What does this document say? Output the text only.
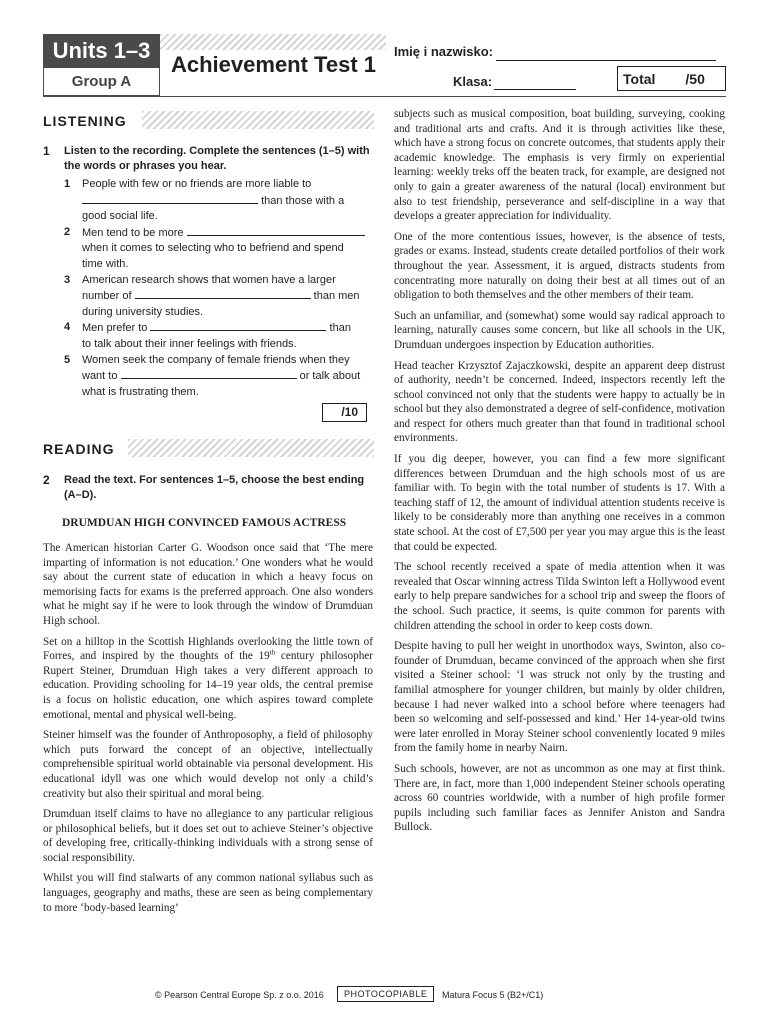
Units 1–3
Group A
Achievement Test 1
Imię i nazwisko:
Klasa:	Total /50
LISTENING
1 Listen to the recording. Complete the sentences (1–5) with the words or phrases you hear.
1 People with few or no friends are more liable to
than those with a
good social life.
2 Men tend to be more
when it comes to selecting who to befriend and spend
time with.
3 American research shows that women have a larger
number of	than men
during university studies.
4 Men prefer to	than
to talk about their inner feelings with friends.
5 Women seek the company of female friends when they
want to	or talk about
what is frustrating them.
/10
READING
2 Read the text. For sentences 1–5, choose the best ending (A–D).
DRUMDUAN HIGH CONVINCED FAMOUS ACTRESS

The American historian Carter G. Woodson once said that ‘The mere imparting of information is not education.’ One wonders what he would say about the current state of education in which a heavy focus on memorising facts for exams is the preferred approach. One also wonders what he might say if he were to look through the window of Drumduan High school.

Set on a hilltop in the Scottish Highlands overlooking the little town of Forres, and inspired by the thoughts of the 19th century philosopher Rupert Steiner, Drumduan High takes a very different approach to education. Providing schooling for 14–19 year olds, the central premise is a focus on holistic education, one which aspires toward complete emotional, mental and physical well-being.

Steiner himself was the founder of Anthroposophy, a field of philosophy which puts forward the concept of an objective, intellectually comprehensible spiritual world obtainable via personal development. His educational idyll was one which would develop not only a child’s creativity but also their spiritual and moral being.

Drumduan itself claims to have no allegiance to any particular religious or philosophical beliefs, but it does set out to achieve Steiner’s objective of developing free, critically-thinking individuals with a strong sense of social responsibility.

Whilst you will find stalwarts of any common national syllabus such as languages, geography and maths, these are seen as being complementary to more ‘body-based learning’

subjects such as musical composition, boat building, surveying, cooking and traditional arts and crafts. And it is through activities like these, which have a strong focus on concrete outcomes, that students apply their academic knowledge. The emphasis is very firmly on experiential learning: weekly treks off the beaten track, for example, are designed not only to gain a greater awareness of the natural (local) environment but also to test friendship, perseverance and self-discipline in a way that develops a greater appreciation for individuality.

One of the more contentious issues, however, is the absence of tests, grades or exams. Instead, students create detailed portfolios of their work throughout the year. Assessment, it is argued, distracts students from concentrating more naturally on doing their best at all times out of an obligation to both themselves and the other members of their team.

Such an unfamiliar, and (somewhat) some would say radical approach to learning, naturally causes some concern, but like all schools in the UK, Drumduan undergoes inspection by Education authorities.

Head teacher Krzysztof Zajaczkowski, despite an apparent deep distrust of authority, needn’t be concerned. Indeed, inspectors recently left the school convinced not only that the students were happy to actually be in school but they also demonstrated a degree of self-confidence, motivation and respect for others much greater than that found in traditional school environments.

If you dig deeper, however, you can find a few more significant differences between Drumduan and the high schools most of us are familiar with. To begin with the total number of students is 17. With a teaching staff of 12, the amount of individual attention students receive is likely to be considerably more than anything one receives in a common state school. At the cost of £7,500 per year you may argue this is the least that could be expected.

The school recently received a spate of media attention when it was revealed that Oscar winning actress Tilda Swinton left a Hollywood event early to help prepare sandwiches for a school trip and sweep the floors of the school. Such practice, it seems, is quite common for parents with children attending the school in order to keep costs down.

Despite having to pull her weight in unorthodox ways, Swinton, also co-founder of Drumduan, became convinced of the approach when she first visited a Steiner school: ‘I was struck not only by the trusting and familial atmosphere for younger children, but mainly by older children, because I had never walked into a school before where teenagers had been so welcoming and self-possessed and kind.’ Her 14-year-old twins were later enrolled in Moray Steiner school conveniently located 9 miles from the family home in nearby Nairn.

Such schools, however, are not as uncommon as one may at first think. There are, in fact, more than 1,000 independent Steiner schools operating across 60 countries worldwide, with a number of high profile former pupils including such familiar faces as Jennifer Aniston and Sandra Bullock.

© Pearson Central Europe Sp. z o.o. 2016	PHOTOCOPIABLE	Matura Focus 5 (B2+/C1)
